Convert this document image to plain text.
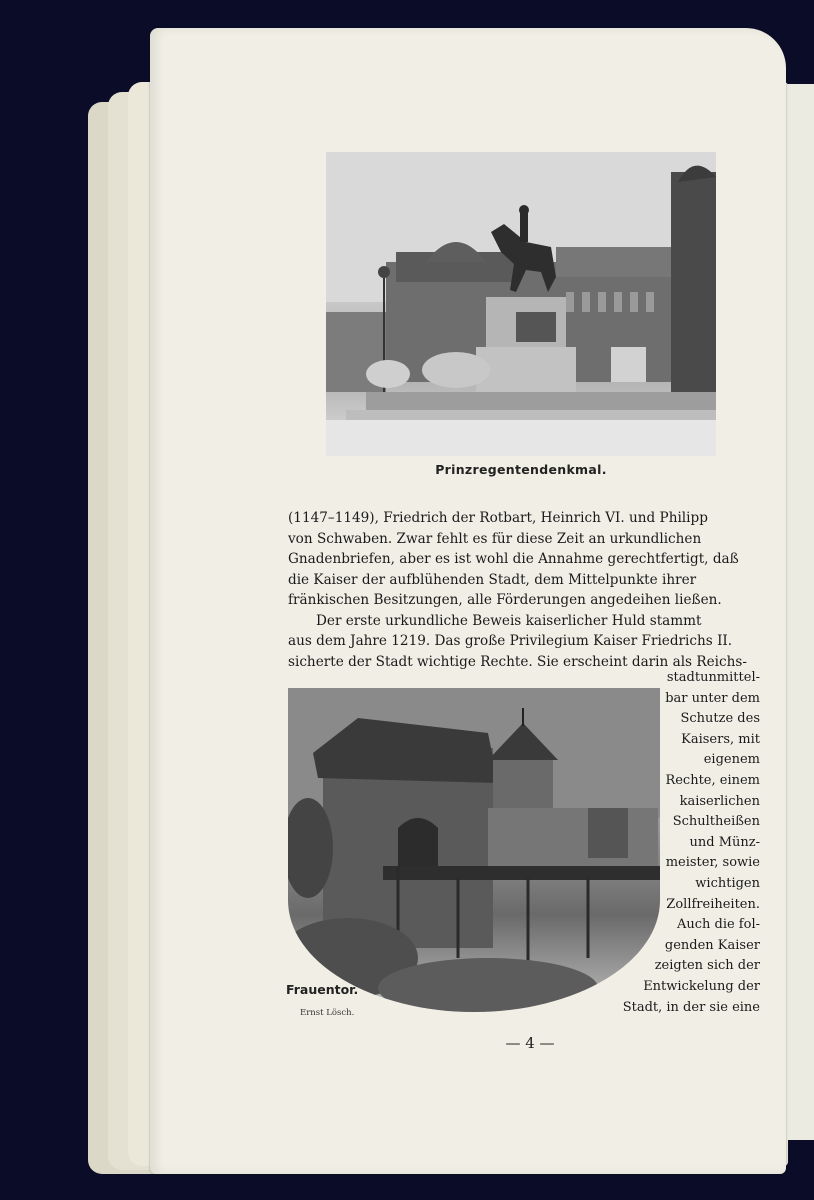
Prinzregentendenkmal.

(1147–1149), Friedrich der Rotbart, Heinrich VI. und Philipp

von Schwaben. Zwar fehlt es für diese Zeit an urkundlichen

Gnadenbriefen, aber es ist wohl die Annahme gerechtfertigt, daß

die Kaiser der aufblühenden Stadt, dem Mittelpunkte ihrer

fränkischen Besitzungen, alle Förderungen angedeihen ließen.

Der erste urkundliche Beweis kaiserlicher Huld stammt

aus dem Jahre 1219. Das große Privilegium Kaiser Friedrichs II.

sicherte der Stadt wichtige Rechte. Sie erscheint darin als Reichs-

stadtunmittel-
bar unter dem
Schutze des
Kaisers, mit
eigenem
Rechte, einem
kaiserlichen
Schultheißen
und Münz-
meister, sowie
wichtigen
Zollfreiheiten.
Auch die fol-
genden Kaiser
zeigten sich der
Entwickelung der
Stadt, in der sie eine
Frauentor.
Ernst Lösch.
— 4 —
